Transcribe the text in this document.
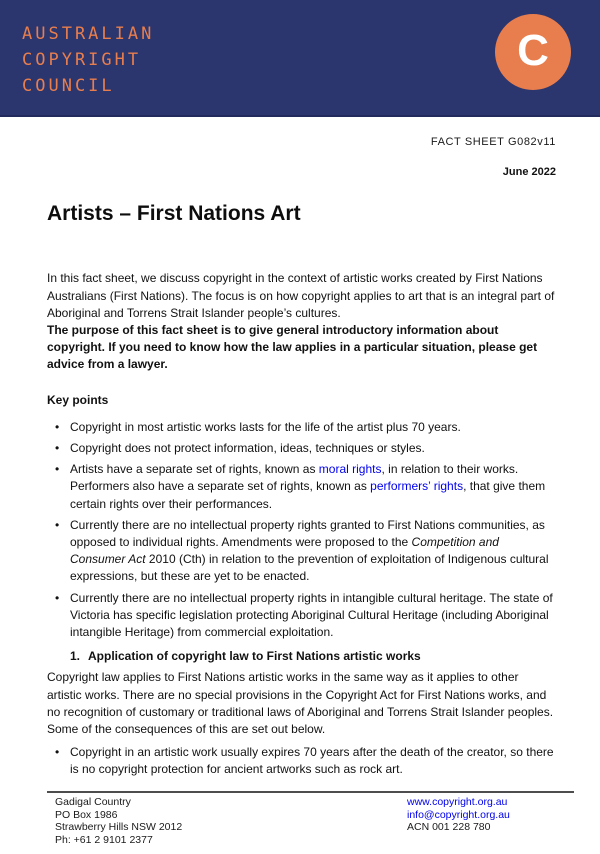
AUSTRALIAN
COPYRIGHT
COUNCIL
C
FACT SHEET G082v11
June 2022
Artists – First Nations Art

In this fact sheet, we discuss copyright in the context of artistic works created by First Nations Australians (First Nations). The focus is on how copyright applies to art that is an integral part of Aboriginal and Torrens Strait Islander people’s cultures.

The purpose of this fact sheet is to give general introductory information about copyright. If you need to know how the law applies in a particular situation, please get advice from a lawyer.

Key points
• Copyright in most artistic works lasts for the life of the artist plus 70 years.
• Copyright does not protect information, ideas, techniques or styles.
• Artists have a separate set of rights, known as moral rights, in relation to their works. Performers also have a separate set of rights, known as performers’ rights, that give them certain rights over their performances.
• Currently there are no intellectual property rights granted to First Nations communities, as opposed to individual rights. Amendments were proposed to the Competition and Consumer Act 2010 (Cth) in relation to the prevention of exploitation of Indigenous cultural expressions, but these are yet to be enacted.
• Currently there are no intellectual property rights in intangible cultural heritage. The state of Victoria has specific legislation protecting Aboriginal Cultural Heritage (including Aboriginal intangible Heritage) from commercial exploitation.
1. Application of copyright law to First Nations artistic works

Copyright law applies to First Nations artistic works in the same way as it applies to other artistic works. There are no special provisions in the Copyright Act for First Nations works, and no recognition of customary or traditional laws of Aboriginal and Torrens Strait Islander peoples. Some of the consequences of this are set out below.

• Copyright in an artistic work usually expires 70 years after the death of the creator, so there is no copyright protection for ancient artworks such as rock art.
Gadigal Country
PO Box 1986
Strawberry Hills NSW 2012
Ph: +61 2 9101 2377
www.copyright.org.au
info@copyright.org.au
ACN 001 228 780
